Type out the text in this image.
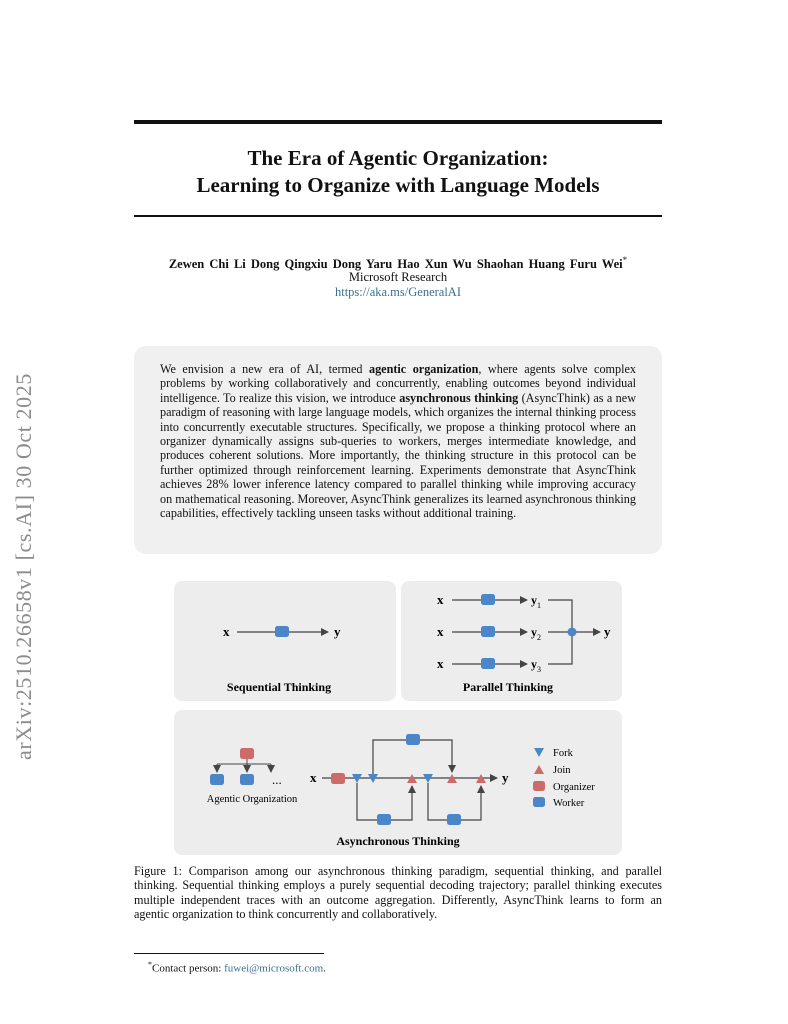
arXiv:2510.26658v1 [cs.AI] 30 Oct 2025
The Era of Agentic Organization:
Learning to Organize with Language Models
Zewen Chi Li Dong Qingxiu Dong Yaru Hao Xun Wu Shaohan Huang Furu Wei*
Microsoft Research
https://aka.ms/GeneralAI

We envision a new era of AI, termed agentic organization, where agents solve complex problems by working collaboratively and concurrently, enabling outcomes beyond individual intelligence. To realize this vision, we introduce asynchronous thinking (AsyncThink) as a new paradigm of reasoning with large language models, which organizes the internal thinking process into concurrently executable structures. Specifically, we propose a thinking protocol where an organizer dynamically assigns sub-queries to workers, merges intermediate knowledge, and produces coherent solutions. More importantly, the thinking structure in this protocol can be further optimized through reinforcement learning. Experiments demonstrate that AsyncThink achieves 28% lower inference latency compared to parallel thinking while improving accuracy on mathematical reasoning. Moreover, AsyncThink generalizes its learned asynchronous thinking capabilities, effectively tackling unseen tasks without additional training.

x	y
Sequential Thinking
x
x
x
$y_1$
$y_2$
$y_3$
y
Parallel Thinking
...
Agentic Organization
x	y
Asynchronous Thinking
Fork
Join
Organizer
Worker
Figure 1: Comparison among our asynchronous thinking paradigm, sequential thinking, and parallel thinking. Sequential thinking employs a purely sequential decoding trajectory; parallel thinking executes multiple independent traces with an outcome aggregation. Differently, AsyncThink learns to form an agentic organization to think concurrently and collaboratively.
*Contact person: fuwei@microsoft.com.
